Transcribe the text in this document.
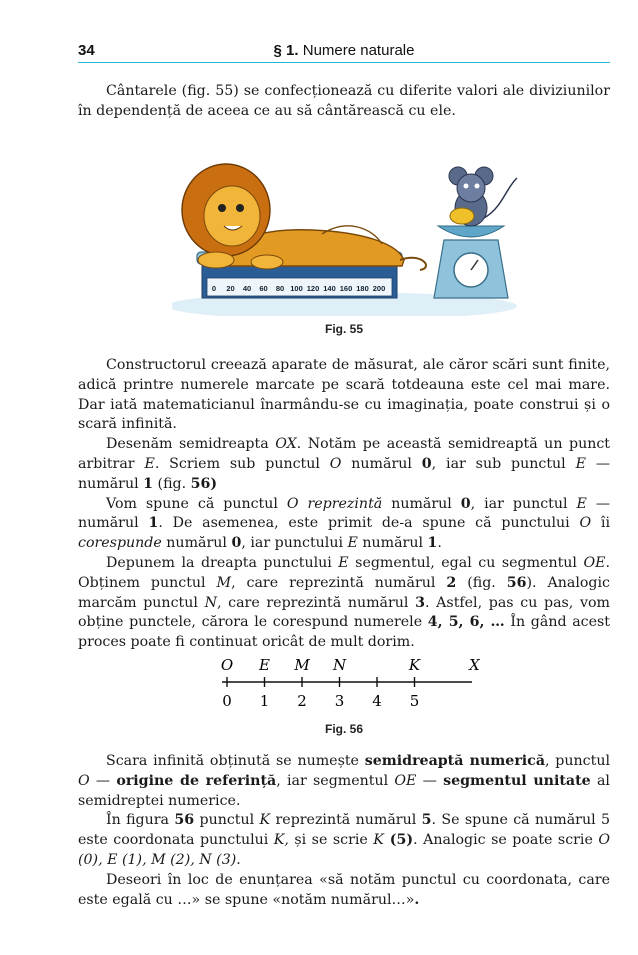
34	§ 1. Numere naturale

Cântarele (fig. 55) se confecționează cu diferite valori ale diviziunilor în dependență de aceea ce au să cântărească cu ele.

0 20 40 60 80 100 120 140 160 180 200
Fig. 55

Constructorul creează aparate de măsurat, ale căror scări sunt finite, adică printre numerele marcate pe scară totdeauna este cel mai mare. Dar iată matematicianul înarmându-se cu imaginația, poate construi și o scară infinită.

Desenăm semidreapta OX. Notăm pe această semidreaptă un punct arbitrar E. Scriem sub punctul O numărul 0, iar sub punctul E — numărul 1 (fig. 56)

Vom spune că punctul O reprezintă numărul 0, iar punctul E — numărul 1. De asemenea, este primit de-a spune că punctului O îi corespunde numărul 0, iar punctului E numărul 1.

Depunem la dreapta punctului E segmentul, egal cu segmentul OE. Obținem punctul M, care reprezintă numărul 2 (fig. 56). Analogic marcăm punctul N, care reprezintă numărul 3. Astfel, pas cu pas, vom obține punctele, cărora le corespund numerele 4, 5, 6, … În gând acest proces poate fi continuat oricât de mult dorim.

O E M N	K	X
0 1 2 3 4 5
Fig. 56

Scara infinită obținută se numește semidreaptă numerică, punctul O — origine de referință, iar segmentul OE — segmentul unitate al semidreptei numerice.

În figura 56 punctul K reprezintă numărul 5. Se spune că numărul 5 este coordonata punctului K, și se scrie K (5). Analogic se poate scrie O (0), E (1), M (2), N (3).

Deseori în loc de enunțarea «să notăm punctul cu coordonata, care este egală cu …» se spune «notăm numărul…».
